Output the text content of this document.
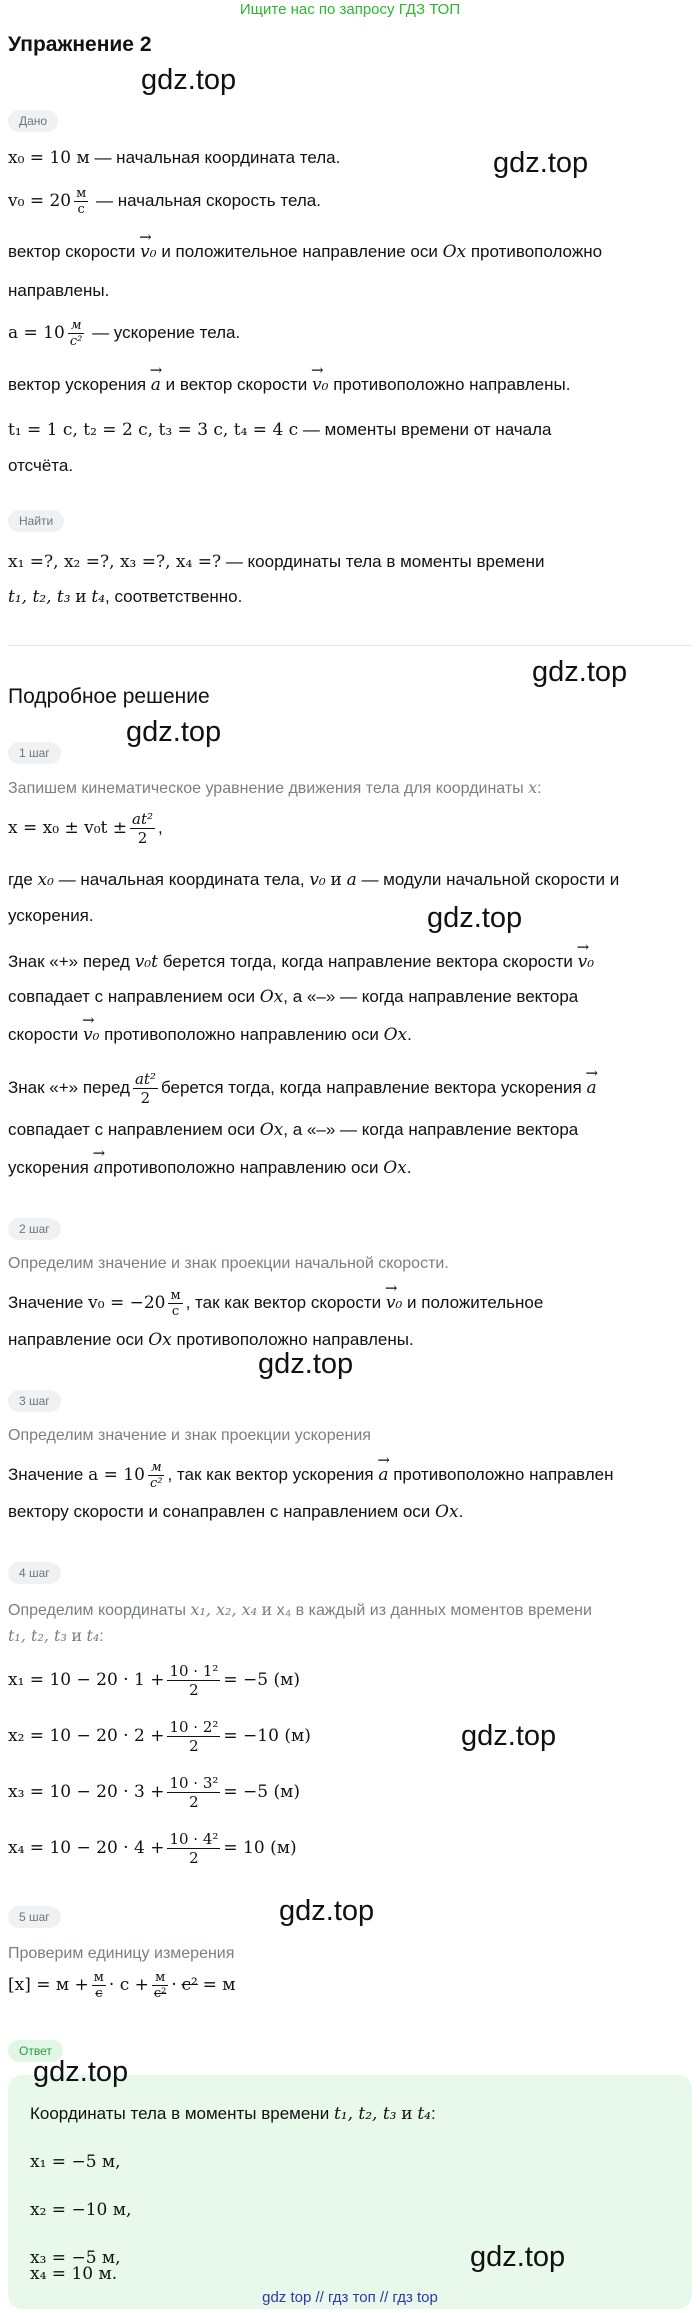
Ищите нас по запросу ГДЗ ТОП
Упражнение 2
gdz.top
gdz.top
gdz.top
gdz.top
gdz.top
gdz.top
gdz.top
gdz.top
gdz.top
gdz.top
Дано
x₀ = 10 м — начальная координата тела.
$v_0 = 20 \frac{м}{с}$ — начальная скорость тела.
вектор скорости → v₀ и положительное направление оси Ox противоположно
направлены.
$a = 10 \frac{м}{\text{c²}}$ — ускорение тела.
вектор ускорения → a и вектор скорости → v₀ противоположно направлены.
t₁ = 1 с, t₂ = 2 с, t₃ = 3 с, t₄ = 4 с — моменты времени от начала
отсчёта.
Найти
x₁ =?, x₂ =?, x₃ =?, x₄ =? — координаты тела в моменты времени
t₁, t₂, t₃ и t₄, соответственно.
Подробное решение
1 шаг
Запишем кинематическое уравнение движения тела для координаты x:
$x = x_0 \pm v_0t \pm \frac{\text{at²}}{2}$ ,
где x₀ — начальная координата тела, v₀ и a — модули начальной скорости и
ускорения.
Знак «+» перед v₀t берется тогда, когда направление вектора скорости → v₀
совпадает с направлением оси Ox, а «–» — когда направление вектора
скорости → v₀ противоположно направлению оси Ox.
Знак «+» перед $\frac{\text{at²}}{2}$ берется тогда, когда направление вектора ускорения → a
совпадает с направлением оси Ox, а «–» — когда направление вектора
ускорения → aпротивоположно направлению оси Ox.
2 шаг
Определим значение и знак проекции начальной скорости.
Значение $v_0 = -20 \frac{м}{с}$ , так как вектор скорости → v₀ и положительное
направление оси Ox противоположно направлены.
3 шаг
Определим значение и знак проекции ускорения
Значение $a = 10 \frac{м}{\text{c²}}$ , так как вектор ускорения → a противоположно направлен
вектору скорости и сонаправлен с направлением оси Ox.
4 шаг
Определим координаты x₁, x₂, x₄ и x₄ в каждый из данных моментов времени
t₁, t₂, t₃ и t₄:
$x_1 = 10 - 20 \cdot 1 + \frac{\text{10 · 1²}}{2} = -5$ (м)
$x_2 = 10 - 20 \cdot 2 + \frac{\text{10 · 2²}}{2} = -10$ (м)
$x_3 = 10 - 20 \cdot 3 + \frac{\text{10 · 3²}}{2} = -5$ (м)
$x_4 = 10 - 20 \cdot 4 + \frac{\text{10 · 4²}}{2} = 10$ (м)
5 шаг
Проверим единицу измерения
$[x] = м + \frac{м}{с} \cdot с + \frac{м}{\text{c²}} \cdot c^2 = м$
Ответ
Координаты тела в моменты времени t₁, t₂, t₃ и t₄:
x₁ = −5 м,
x₂ = −10 м,
x₃ = −5 м,
x₄ = 10 м.
gdz top // гдз топ // гдз top
